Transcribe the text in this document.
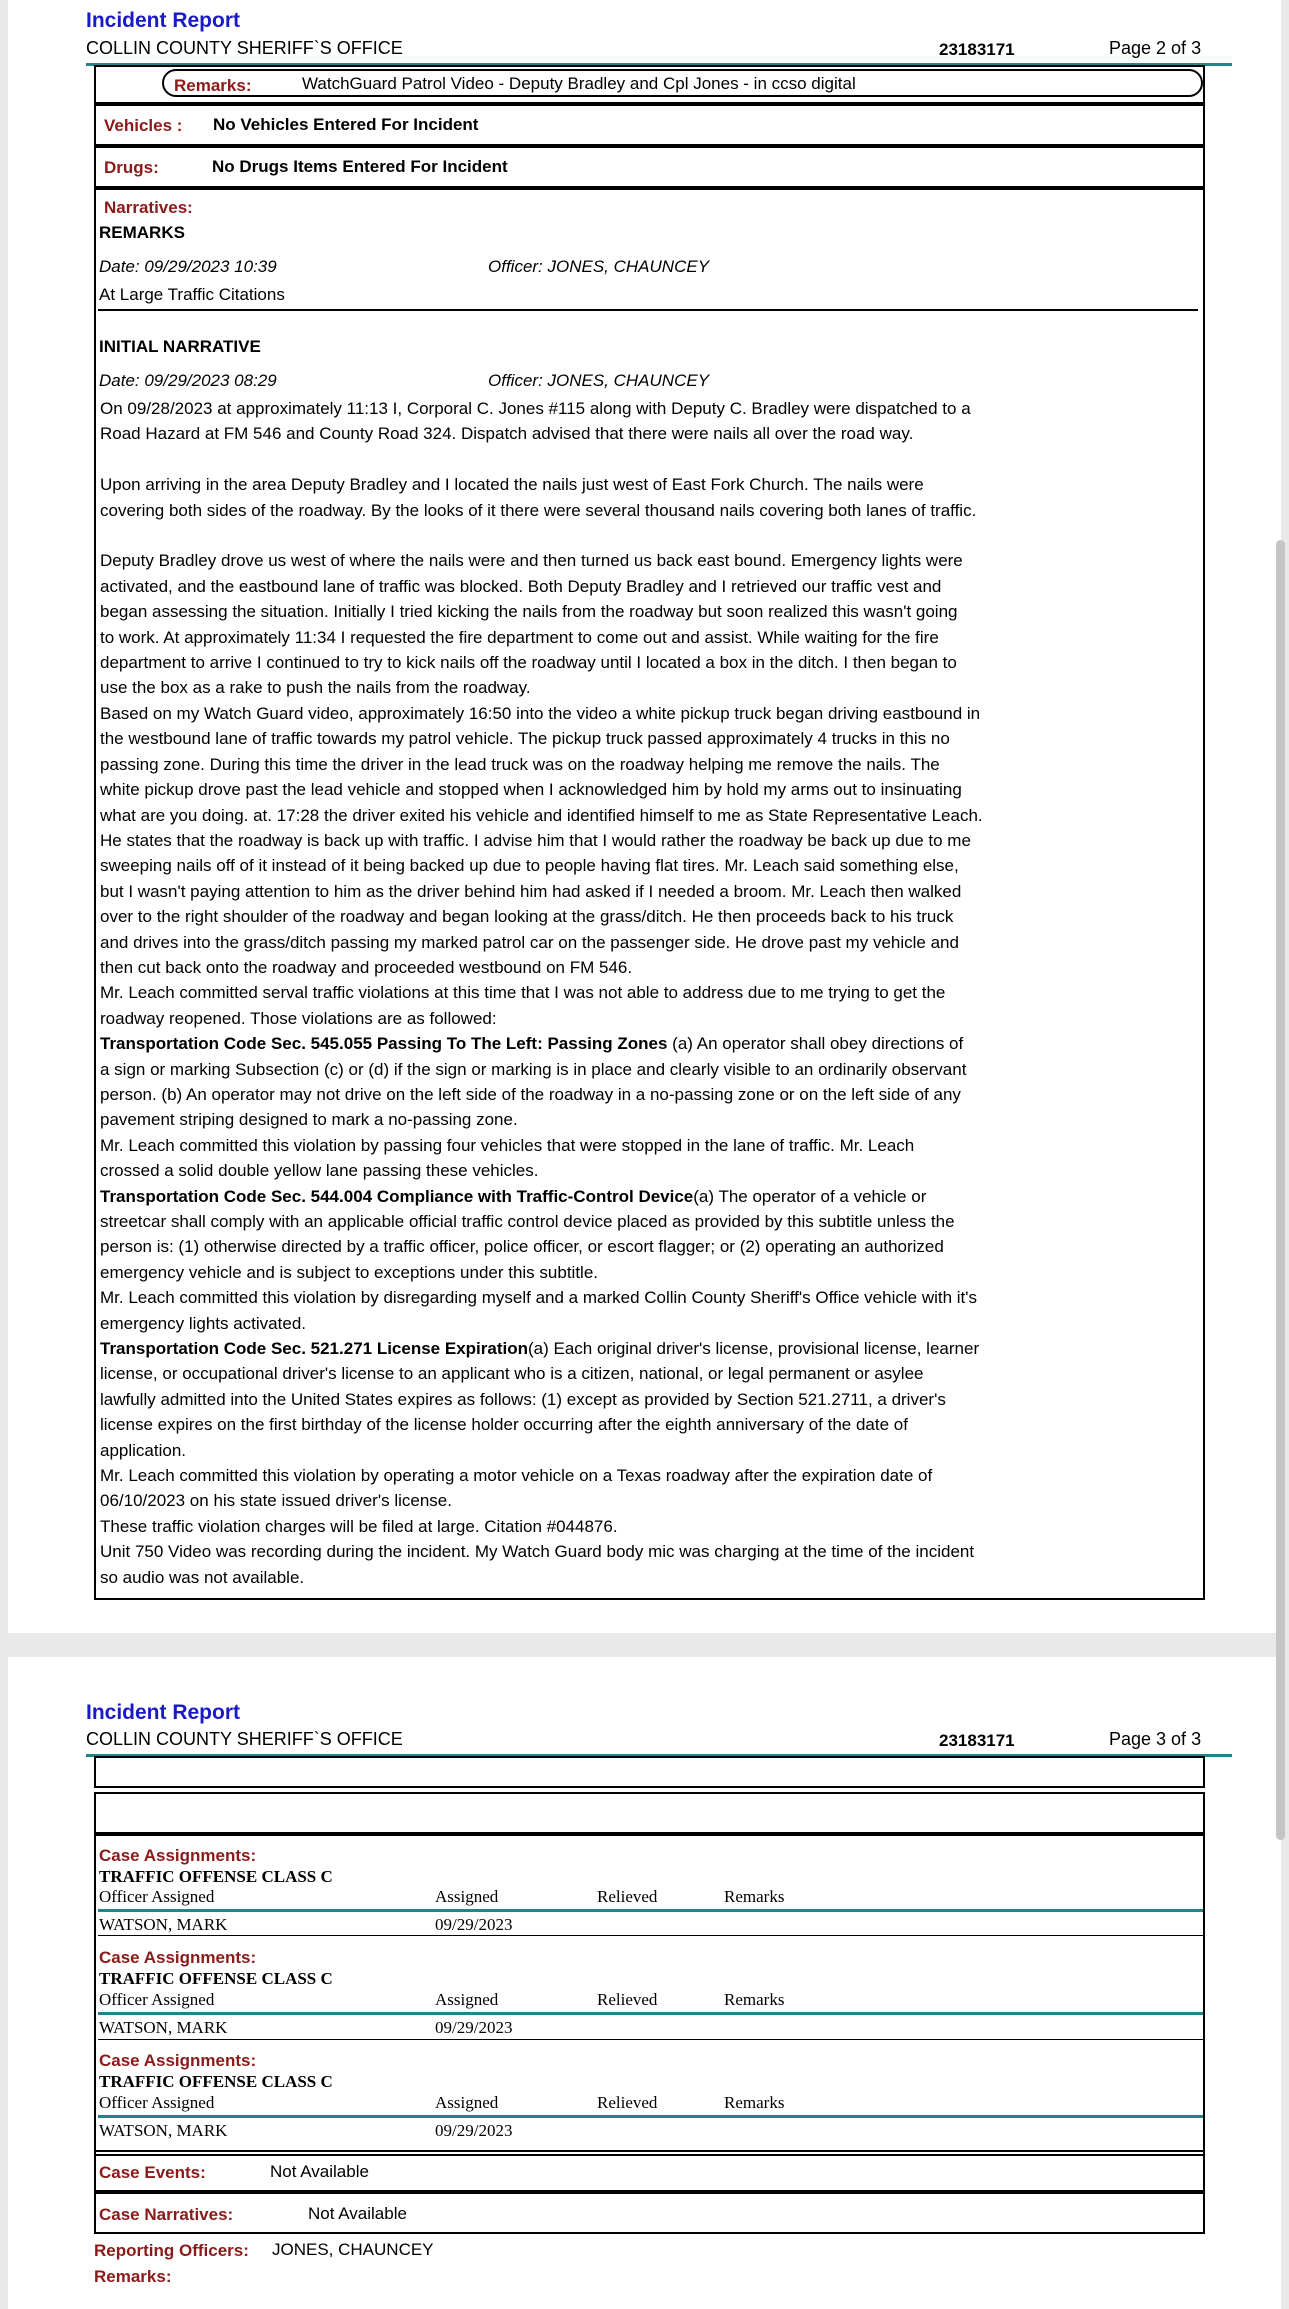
Incident Report
COLLIN COUNTY SHERIFF`S OFFICE	23183171	Page 2 of 3
Remarks:	WatchGuard Patrol Video - Deputy Bradley and Cpl Jones - in ccso digital
Vehicles : No Vehicles Entered For Incident
Drugs:	No Drugs Items Entered For Incident
Narratives:
REMARKS
Date: 09/29/2023 10:39	Officer: JONES, CHAUNCEY
At Large Traffic Citations
INITIAL NARRATIVE
Date: 09/29/2023 08:29	Officer: JONES, CHAUNCEY
On 09/28/2023 at approximately 11:13 I, Corporal C. Jones #115 along with Deputy C. Bradley were dispatched to a
Road Hazard at FM 546 and County Road 324. Dispatch advised that there were nails all over the road way.

Upon arriving in the area Deputy Bradley and I located the nails just west of East Fork Church. The nails were
covering both sides of the roadway. By the looks of it there were several thousand nails covering both lanes of traffic.

Deputy Bradley drove us west of where the nails were and then turned us back east bound. Emergency lights were
activated, and the eastbound lane of traffic was blocked. Both Deputy Bradley and I retrieved our traffic vest and
began assessing the situation. Initially I tried kicking the nails from the roadway but soon realized this wasn't going
to work. At approximately 11:34 I requested the fire department to come out and assist. While waiting for the fire
department to arrive I continued to try to kick nails off the roadway until I located a box in the ditch. I then began to
use the box as a rake to push the nails from the roadway.
Based on my Watch Guard video, approximately 16:50 into the video a white pickup truck began driving eastbound in
the westbound lane of traffic towards my patrol vehicle. The pickup truck passed approximately 4 trucks in this no
passing zone. During this time the driver in the lead truck was on the roadway helping me remove the nails. The
white pickup drove past the lead vehicle and stopped when I acknowledged him by hold my arms out to insinuating
what are you doing. at. 17:28 the driver exited his vehicle and identified himself to me as State Representative Leach.
He states that the roadway is back up with traffic. I advise him that I would rather the roadway be back up due to me
sweeping nails off of it instead of it being backed up due to people having flat tires. Mr. Leach said something else,
but I wasn't paying attention to him as the driver behind him had asked if I needed a broom. Mr. Leach then walked
over to the right shoulder of the roadway and began looking at the grass/ditch. He then proceeds back to his truck
and drives into the grass/ditch passing my marked patrol car on the passenger side. He drove past my vehicle and
then cut back onto the roadway and proceeded westbound on FM 546.
Mr. Leach committed serval traffic violations at this time that I was not able to address due to me trying to get the
roadway reopened. Those violations are as followed:
Transportation Code Sec. 545.055 Passing To The Left: Passing Zones (a) An operator shall obey directions of
a sign or marking Subsection (c) or (d) if the sign or marking is in place and clearly visible to an ordinarily observant
person. (b) An operator may not drive on the left side of the roadway in a no-passing zone or on the left side of any
pavement striping designed to mark a no-passing zone.
Mr. Leach committed this violation by passing four vehicles that were stopped in the lane of traffic. Mr. Leach
crossed a solid double yellow lane passing these vehicles.
Transportation Code Sec. 544.004 Compliance with Traffic-Control Device(a) The operator of a vehicle or
streetcar shall comply with an applicable official traffic control device placed as provided by this subtitle unless the
person is: (1) otherwise directed by a traffic officer, police officer, or escort flagger; or (2) operating an authorized
emergency vehicle and is subject to exceptions under this subtitle.
Mr. Leach committed this violation by disregarding myself and a marked Collin County Sheriff's Office vehicle with it's
emergency lights activated.
Transportation Code Sec. 521.271 License Expiration(a) Each original driver's license, provisional license, learner
license, or occupational driver's license to an applicant who is a citizen, national, or legal permanent or asylee
lawfully admitted into the United States expires as follows: (1) except as provided by Section 521.2711, a driver's
license expires on the first birthday of the license holder occurring after the eighth anniversary of the date of
application.
Mr. Leach committed this violation by operating a motor vehicle on a Texas roadway after the expiration date of
06/10/2023 on his state issued driver's license.
These traffic violation charges will be filed at large. Citation #044876.
Unit 750 Video was recording during the incident. My Watch Guard body mic was charging at the time of the incident
so audio was not available.
Incident Report
COLLIN COUNTY SHERIFF`S OFFICE	23183171	Page 3 of 3
Case Assignments:
TRAFFIC OFFENSE CLASS C
Officer Assigned	Assigned	Relieved	Remarks
WATSON, MARK	09/29/2023
Case Assignments:
TRAFFIC OFFENSE CLASS C
Officer Assigned	Assigned	Relieved	Remarks
WATSON, MARK	09/29/2023
Case Assignments:
TRAFFIC OFFENSE CLASS C
Officer Assigned	Assigned	Relieved	Remarks
WATSON, MARK	09/29/2023
Case Events:	Not Available
Case Narratives:	Not Available
Reporting Officers: JONES, CHAUNCEY
Remarks:
